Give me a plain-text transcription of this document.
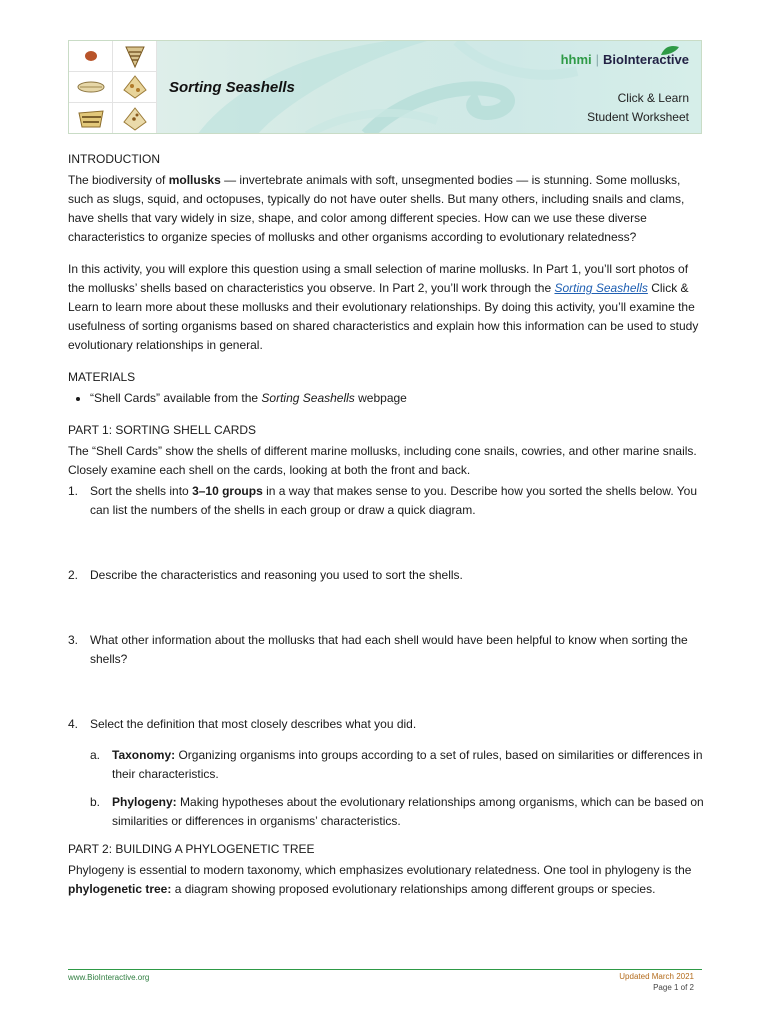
Sorting Seashells
hhmi | BioInteractive
Click & Learn
Student Worksheet
INTRODUCTION

The biodiversity of mollusks — invertebrate animals with soft, unsegmented bodies — is stunning. Some mollusks, such as slugs, squid, and octopuses, typically do not have outer shells. But many others, including snails and clams, have shells that vary widely in size, shape, and color among different species. How can we use these diverse characteristics to organize species of mollusks and other organisms according to evolutionary relatedness?

In this activity, you will explore this question using a small selection of marine mollusks. In Part 1, you’ll sort photos of the mollusks’ shells based on characteristics you observe. In Part 2, you’ll work through the Sorting Seashells Click & Learn to learn more about these mollusks and their evolutionary relationships. By doing this activity, you’ll examine the usefulness of sorting organisms based on shared characteristics and explain how this information can be used to study evolutionary relationships in general.

MATERIALS
• “Shell Cards” available from the Sorting Seashells webpage
PART 1: SORTING SHELL CARDS

The “Shell Cards” show the shells of different marine mollusks, including cone snails, cowries, and other marine snails. Closely examine each shell on the cards, looking at both the front and back.

1. Sort the shells into 3–10 groups in a way that makes sense to you. Describe how you sorted the shells below. You can list the numbers of the shells in each group or draw a quick diagram.
2. Describe the characteristics and reasoning you used to sort the shells.
3. What other information about the mollusks that had each shell would have been helpful to know when sorting the shells?
4. Select the definition that most closely describes what you did.
a. Taxonomy: Organizing organisms into groups according to a set of rules, based on similarities or differences in their characteristics.
b. Phylogeny: Making hypotheses about the evolutionary relationships among organisms, which can be based on similarities or differences in organisms’ characteristics.
PART 2: BUILDING A PHYLOGENETIC TREE

Phylogeny is essential to modern taxonomy, which emphasizes evolutionary relatedness. One tool in phylogeny is the phylogenetic tree: a diagram showing proposed evolutionary relationships among different groups or species.

www.BioInteractive.org	Updated March 2021
Page 1 of 2
